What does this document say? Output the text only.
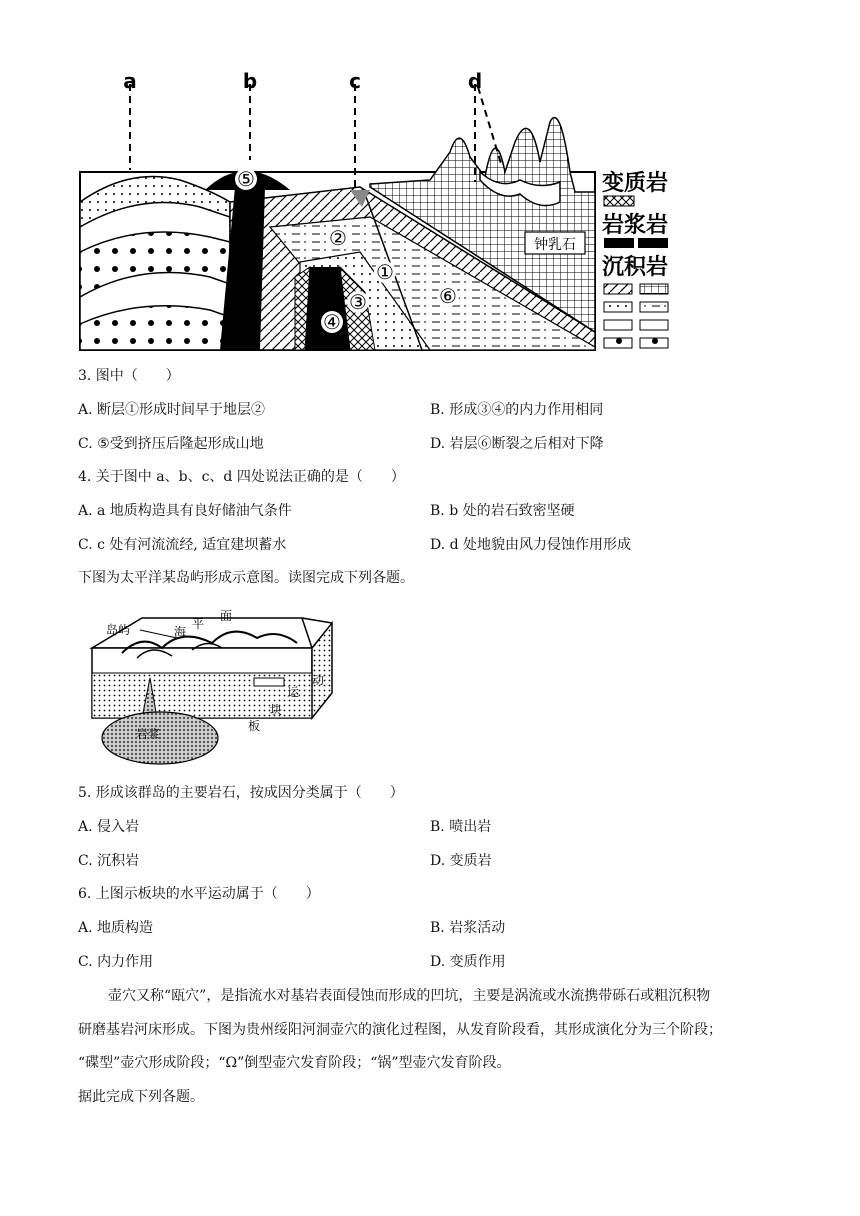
钟乳石
a	b	c	d
①
②
③
④
⑤
⑥
变质岩
岩浆岩
沉积岩
3. 图中（　　）
A. 断层①形成时间早于地层②	B. 形成③④的内力作用相同
C. ⑤受到挤压后隆起形成山地	D. 岩层⑥断裂之后相对下降
4. 关于图中 a、b、c、d 四处说法正确的是（　　）
A. a 地质构造具有良好储油气条件	B. b 处的岩石致密坚硬
C. c 处有河流流经, 适宜建坝蓄水	D. d 处地貌由风力侵蚀作用形成
下图为太平洋某岛屿形成示意图。读图完成下列各题。
岛屿	海
平
面
运
动
块
板
岩浆
5. 形成该群岛的主要岩石，按成因分类属于（　　）
A. 侵入岩	B. 喷出岩
C. 沉积岩	D. 变质岩
6. 上图示板块的水平运动属于（　　）
A. 地质构造	B. 岩浆活动
C. 内力作用	D. 变质作用
壶穴又称“瓯穴”，是指流水对基岩表面侵蚀而形成的凹坑，主要是涡流或水流携带砾石或粗沉积物
研磨基岩河床形成。下图为贵州绥阳河洞壶穴的演化过程图，从发育阶段看，其形成演化分为三个阶段；
“碟型”壶穴形成阶段；“Ω”倒型壶穴发育阶段；“锅”型壶穴发育阶段。
据此完成下列各题。
